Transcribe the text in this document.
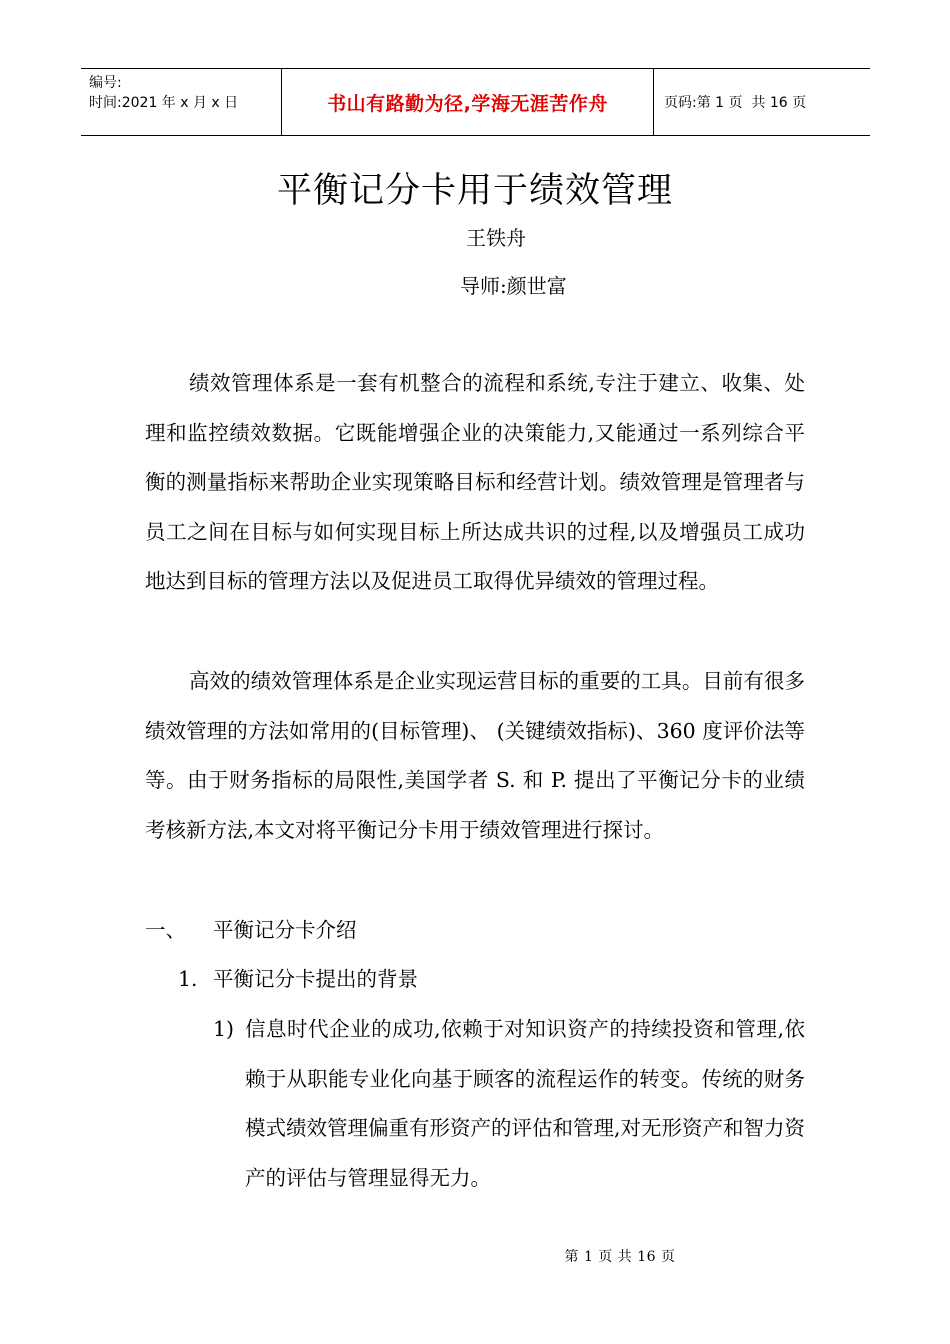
编号:
时间:2021 年 x 月 x 日	书山有路勤为径,学海无涯苦作舟	页码:第 1 页  共 16 页
平衡记分卡用于绩效管理
王铁舟
导师:颜世富
绩效管理体系是一套有机整合的流程和系统,专注于建立、收集、处理和监控绩效数据。它既能增强企业的决策能力,又能通过一系列综合平衡的测量指标来帮助企业实现策略目标和经营计划。绩效管理是管理者与员工之间在目标与如何实现目标上所达成共识的过程,以及增强员工成功地达到目标的管理方法以及促进员工取得优异绩效的管理过程。
高效的绩效管理体系是企业实现运营目标的重要的工具。目前有很多绩效管理的方法如常用的(目标管理)、 (关键绩效指标)、360 度评价法等等。由于财务指标的局限性,美国学者 S. 和 P. 提出了平衡记分卡的业绩考核新方法,本文对将平衡记分卡用于绩效管理进行探讨。
一、 平衡记分卡介绍
1. 平衡记分卡提出的背景
1) 信息时代企业的成功,依赖于对知识资产的持续投资和管理,依赖于从职能专业化向基于顾客的流程运作的转变。传统的财务模式绩效管理偏重有形资产的评估和管理,对无形资产和智力资产的评估与管理显得无力。
第 1 页 共 16 页
